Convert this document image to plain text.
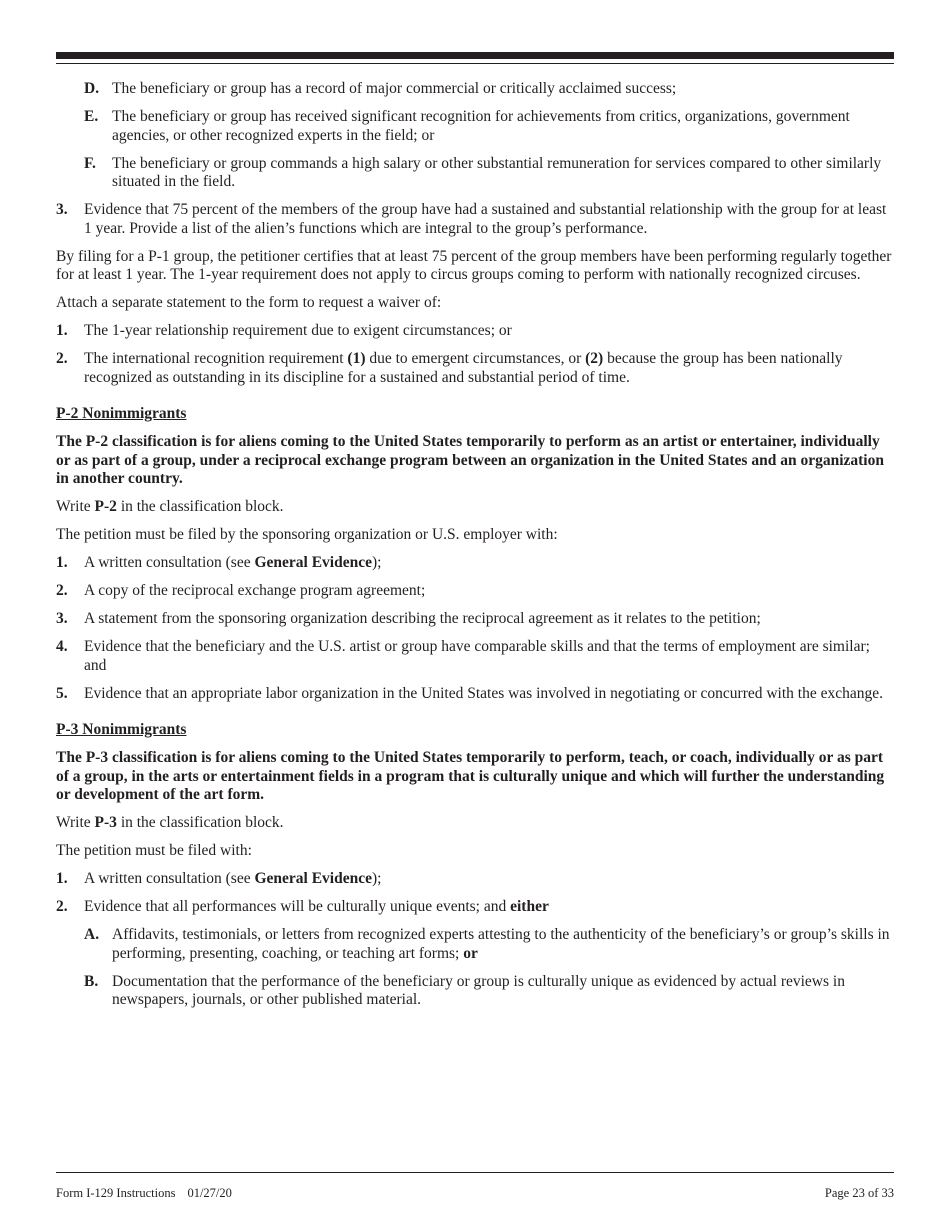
D. The beneficiary or group has a record of major commercial or critically acclaimed success;
E. The beneficiary or group has received significant recognition for achievements from critics, organizations, government agencies, or other recognized experts in the field; or
F.	The beneficiary or group commands a high salary or other substantial remuneration for services compared to other similarly situated in the field.
3.	Evidence that 75 percent of the members of the group have had a sustained and substantial relationship with the group for at least 1 year. Provide a list of the alien’s functions which are integral to the group’s performance.

By filing for a P-1 group, the petitioner certifies that at least 75 percent of the group members have been performing regularly together for at least 1 year. The 1-year requirement does not apply to circus groups coming to perform with nationally recognized circuses.

Attach a separate statement to the form to request a waiver of:

1.	The 1-year relationship requirement due to exigent circumstances; or
2.	The international recognition requirement (1) due to emergent circumstances, or (2) because the group has been nationally recognized as outstanding in its discipline for a sustained and substantial period of time.
P-2 Nonimmigrants

The P-2 classification is for aliens coming to the United States temporarily to perform as an artist or entertainer, individually or as part of a group, under a reciprocal exchange program between an organization in the United States and an organization in another country.

Write P-2 in the classification block.

The petition must be filed by the sponsoring organization or U.S. employer with:

1.	A written consultation (see General Evidence);
2.	A copy of the reciprocal exchange program agreement;
3.	A statement from the sponsoring organization describing the reciprocal agreement as it relates to the petition;
4.	Evidence that the beneficiary and the U.S. artist or group have comparable skills and that the terms of employment are similar; and
5.	Evidence that an appropriate labor organization in the United States was involved in negotiating or concurred with the exchange.
P-3 Nonimmigrants

The P-3 classification is for aliens coming to the United States temporarily to perform, teach, or coach, individually or as part of a group, in the arts or entertainment fields in a program that is culturally unique and which will further the understanding or development of the art form.

Write P-3 in the classification block.

The petition must be filed with:

1.	A written consultation (see General Evidence);
2.	Evidence that all performances will be culturally unique events; and either
A. Affidavits, testimonials, or letters from recognized experts attesting to the authenticity of the beneficiary’s or group’s skills in performing, presenting, coaching, or teaching art forms; or
B. Documentation that the performance of the beneficiary or group is culturally unique as evidenced by actual reviews in newspapers, journals, or other published material.
Form I-129 Instructions 01/27/20	Page 23 of 33
